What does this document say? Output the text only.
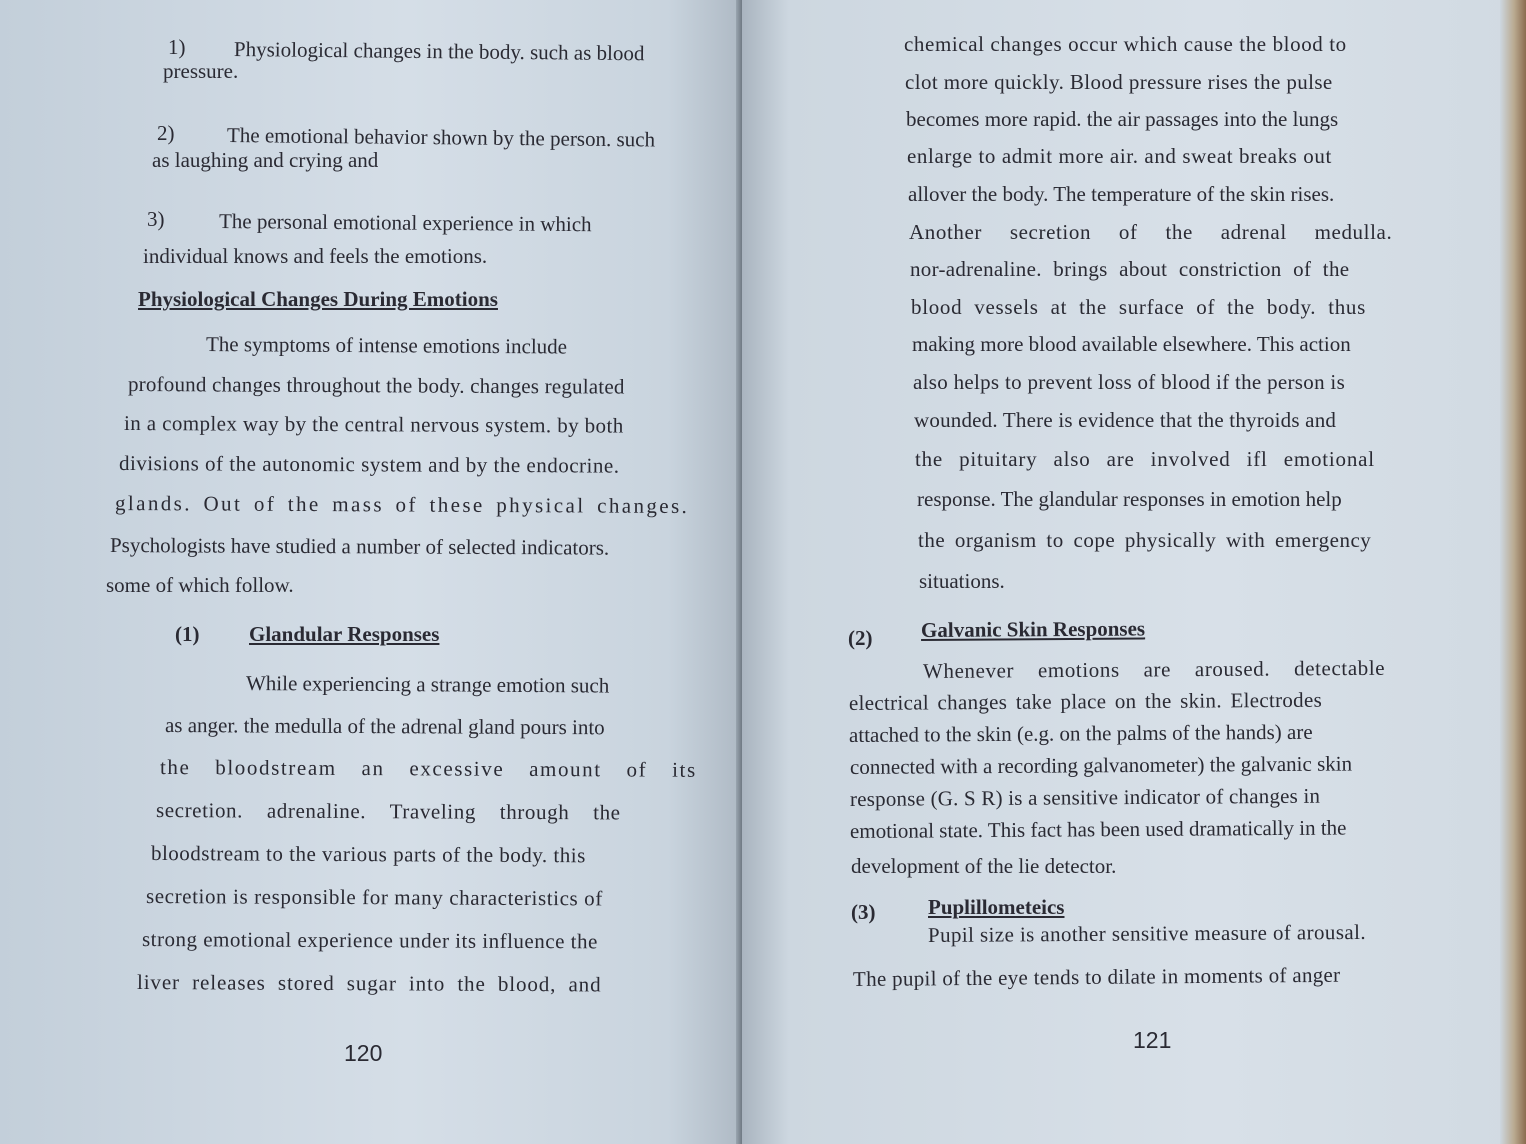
1) Physiological changes in the body. such as blood
pressure.
2) The emotional behavior shown by the person. such
as laughing and crying and
3)	The personal emotional experience in which
individual knows and feels the emotions.
Physiological Changes During Emotions
The symptoms of intense emotions include
profound changes throughout the body. changes regulated
in a complex way by the central nervous system. by both
divisions of the autonomic system and by the endocrine.
glands. Out of the mass of these physical changes.
Psychologists have studied a number of selected indicators.
some of which follow.
(1) Glandular Responses
While experiencing a strange emotion such
as anger. the medulla of the adrenal gland pours into
the bloodstream an excessive amount of its
secretion. adrenaline. Traveling through the
bloodstream to the various parts of the body. this
secretion is responsible for many characteristics of
strong emotional experience under its influence the
liver releases stored sugar into the blood, and
120
chemical changes occur which cause the blood to
clot more quickly. Blood pressure rises the pulse
becomes more rapid. the air passages into the lungs
enlarge to admit more air. and sweat breaks out
allover the body. The temperature of the skin rises.
Another secretion of the adrenal medulla.
nor-adrenaline. brings about constriction of the
blood vessels at the surface of the body. thus
making more blood available elsewhere. This action
also helps to prevent loss of blood if the person is
wounded. There is evidence that the thyroids and
the pituitary also are involved ifl emotional
response. The glandular responses in emotion help
the organism to cope physically with emergency
situations.
(2) Galvanic Skin Responses
Whenever emotions are aroused. detectable
electrical changes take place on the skin. Electrodes
attached to the skin (e.g. on the palms of the hands) are
connected with a recording galvanometer) the galvanic skin
response (G. S R) is a sensitive indicator of changes in
emotional state. This fact has been used dramatically in the
development of the lie detector.
(3)	Puplillometeics
Pupil size is another sensitive measure of arousal.
The pupil of the eye tends to dilate in moments of anger
121
